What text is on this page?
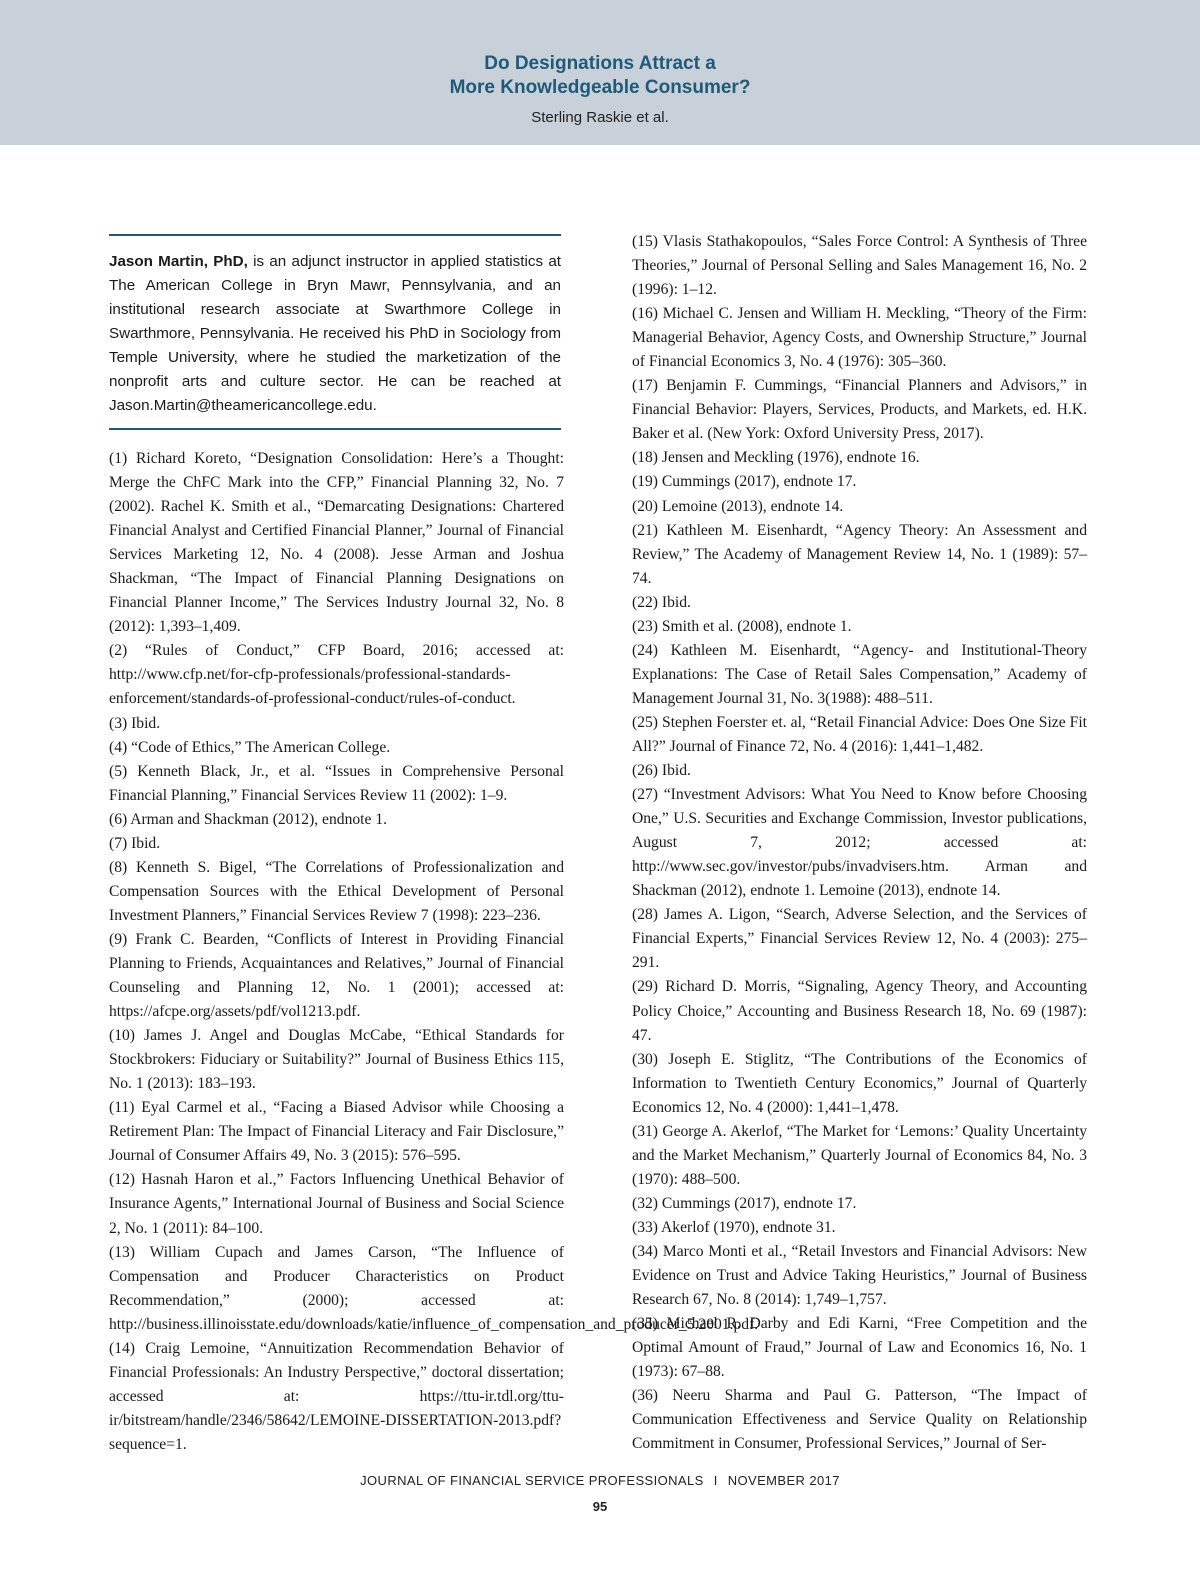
Do Designations Attract a
More Knowledgeable Consumer?
Sterling Raskie et al.
Jason Martin, PhD, is an adjunct instructor in applied statistics at The American College in Bryn Mawr, Pennsylvania, and an institutional research associate at Swarthmore College in Swarthmore, Pennsylvania. He received his PhD in Sociology from Temple University, where he studied the marketization of the nonprofit arts and culture sector. He can be reached at Jason.Martin@theamericancollege.edu.

(1) Richard Koreto, “Designation Consolidation: Here’s a Thought: Merge the ChFC Mark into the CFP,” Financial Planning 32, No. 7 (2002). Rachel K. Smith et al., “Demarcating Designations: Chartered Financial Analyst and Certified Financial Planner,” Journal of Financial Services Marketing 12, No. 4 (2008). Jesse Arman and Joshua Shackman, “The Impact of Financial Planning Designations on Financial Planner Income,” The Services Industry Journal 32, No. 8 (2012): 1,393–1,409.

(2) “Rules of Conduct,” CFP Board, 2016; accessed at: http://www.cfp.net/for-cfp-professionals/professional-standards-enforcement/standards-of-professional-conduct/rules-of-conduct.

(3) Ibid.

(4) “Code of Ethics,” The American College.

(5) Kenneth Black, Jr., et al. “Issues in Comprehensive Personal Financial Planning,” Financial Services Review 11 (2002): 1–9.

(6) Arman and Shackman (2012), endnote 1.

(7) Ibid.

(8) Kenneth S. Bigel, “The Correlations of Professionalization and Compensation Sources with the Ethical Development of Personal Investment Planners,” Financial Services Review 7 (1998): 223–236.

(9) Frank C. Bearden, “Conflicts of Interest in Providing Financial Planning to Friends, Acquaintances and Relatives,” Journal of Financial Counseling and Planning 12, No. 1 (2001); accessed at: https://afcpe.org/assets/pdf/vol1213.pdf.

(10) James J. Angel and Douglas McCabe, “Ethical Standards for Stockbrokers: Fiduciary or Suitability?” Journal of Business Ethics 115, No. 1 (2013): 183–193.

(11) Eyal Carmel et al., “Facing a Biased Advisor while Choosing a Retirement Plan: The Impact of Financial Literacy and Fair Disclosure,” Journal of Consumer Affairs 49, No. 3 (2015): 576–595.

(12) Hasnah Haron et al.,” Factors Influencing Unethical Behavior of Insurance Agents,” International Journal of Business and Social Science 2, No. 1 (2011): 84–100.

(13) William Cupach and James Carson, “The Influence of Compensation and Producer Characteristics on Product Recommendation,” (2000); accessed at: http://business.illinoisstate.edu/downloads/katie/influence_of_compensation_and_producer_5.2001.pdf.

(14) Craig Lemoine, “Annuitization Recommendation Behavior of Financial Professionals: An Industry Perspective,” doctoral dissertation; accessed at: https://ttu-ir.tdl.org/ttu-ir/bitstream/handle/2346/58642/LEMOINE-DISSERTATION-2013.pdf?sequence=1.

(15) Vlasis Stathakopoulos, “Sales Force Control: A Synthesis of Three Theories,” Journal of Personal Selling and Sales Management 16, No. 2 (1996): 1–12.

(16) Michael C. Jensen and William H. Meckling, “Theory of the Firm: Managerial Behavior, Agency Costs, and Ownership Structure,” Journal of Financial Economics 3, No. 4 (1976): 305–360.

(17) Benjamin F. Cummings, “Financial Planners and Advisors,” in Financial Behavior: Players, Services, Products, and Markets, ed. H.K. Baker et al. (New York: Oxford University Press, 2017).

(18) Jensen and Meckling (1976), endnote 16.

(19) Cummings (2017), endnote 17.

(20) Lemoine (2013), endnote 14.

(21) Kathleen M. Eisenhardt, “Agency Theory: An Assessment and Review,” The Academy of Management Review 14, No. 1 (1989): 57–74.

(22) Ibid.

(23) Smith et al. (2008), endnote 1.

(24) Kathleen M. Eisenhardt, “Agency- and Institutional-Theory Explanations: The Case of Retail Sales Compensation,” Academy of Management Journal 31, No. 3(1988): 488–511.

(25) Stephen Foerster et. al, “Retail Financial Advice: Does One Size Fit All?” Journal of Finance 72, No. 4 (2016): 1,441–1,482.

(26) Ibid.

(27) “Investment Advisors: What You Need to Know before Choosing One,” U.S. Securities and Exchange Commission, Investor publications, August 7, 2012; accessed at: http://www.sec.gov/investor/pubs/invadvisers.htm. Arman and Shackman (2012), endnote 1. Lemoine (2013), endnote 14.

(28) James A. Ligon, “Search, Adverse Selection, and the Services of Financial Experts,” Financial Services Review 12, No. 4 (2003): 275–291.

(29) Richard D. Morris, “Signaling, Agency Theory, and Accounting Policy Choice,” Accounting and Business Research 18, No. 69 (1987): 47.

(30) Joseph E. Stiglitz, “The Contributions of the Economics of Information to Twentieth Century Economics,” Journal of Quarterly Economics 12, No. 4 (2000): 1,441–1,478.

(31) George A. Akerlof, “The Market for ‘Lemons:’ Quality Uncertainty and the Market Mechanism,” Quarterly Journal of Economics 84, No. 3 (1970): 488–500.

(32) Cummings (2017), endnote 17.

(33) Akerlof (1970), endnote 31.

(34) Marco Monti et al., “Retail Investors and Financial Advisors: New Evidence on Trust and Advice Taking Heuristics,” Journal of Business Research 67, No. 8 (2014): 1,749–1,757.

(35) Michael R. Darby and Edi Karni, “Free Competition and the Optimal Amount of Fraud,” Journal of Law and Economics 16, No. 1 (1973): 67–88.

(36) Neeru Sharma and Paul G. Patterson, “The Impact of Communication Effectiveness and Service Quality on Relationship Commitment in Consumer, Professional Services,” Journal of Ser-

JOURNAL OF FINANCIAL SERVICE PROFESSIONALS I NOVEMBER 2017
95
